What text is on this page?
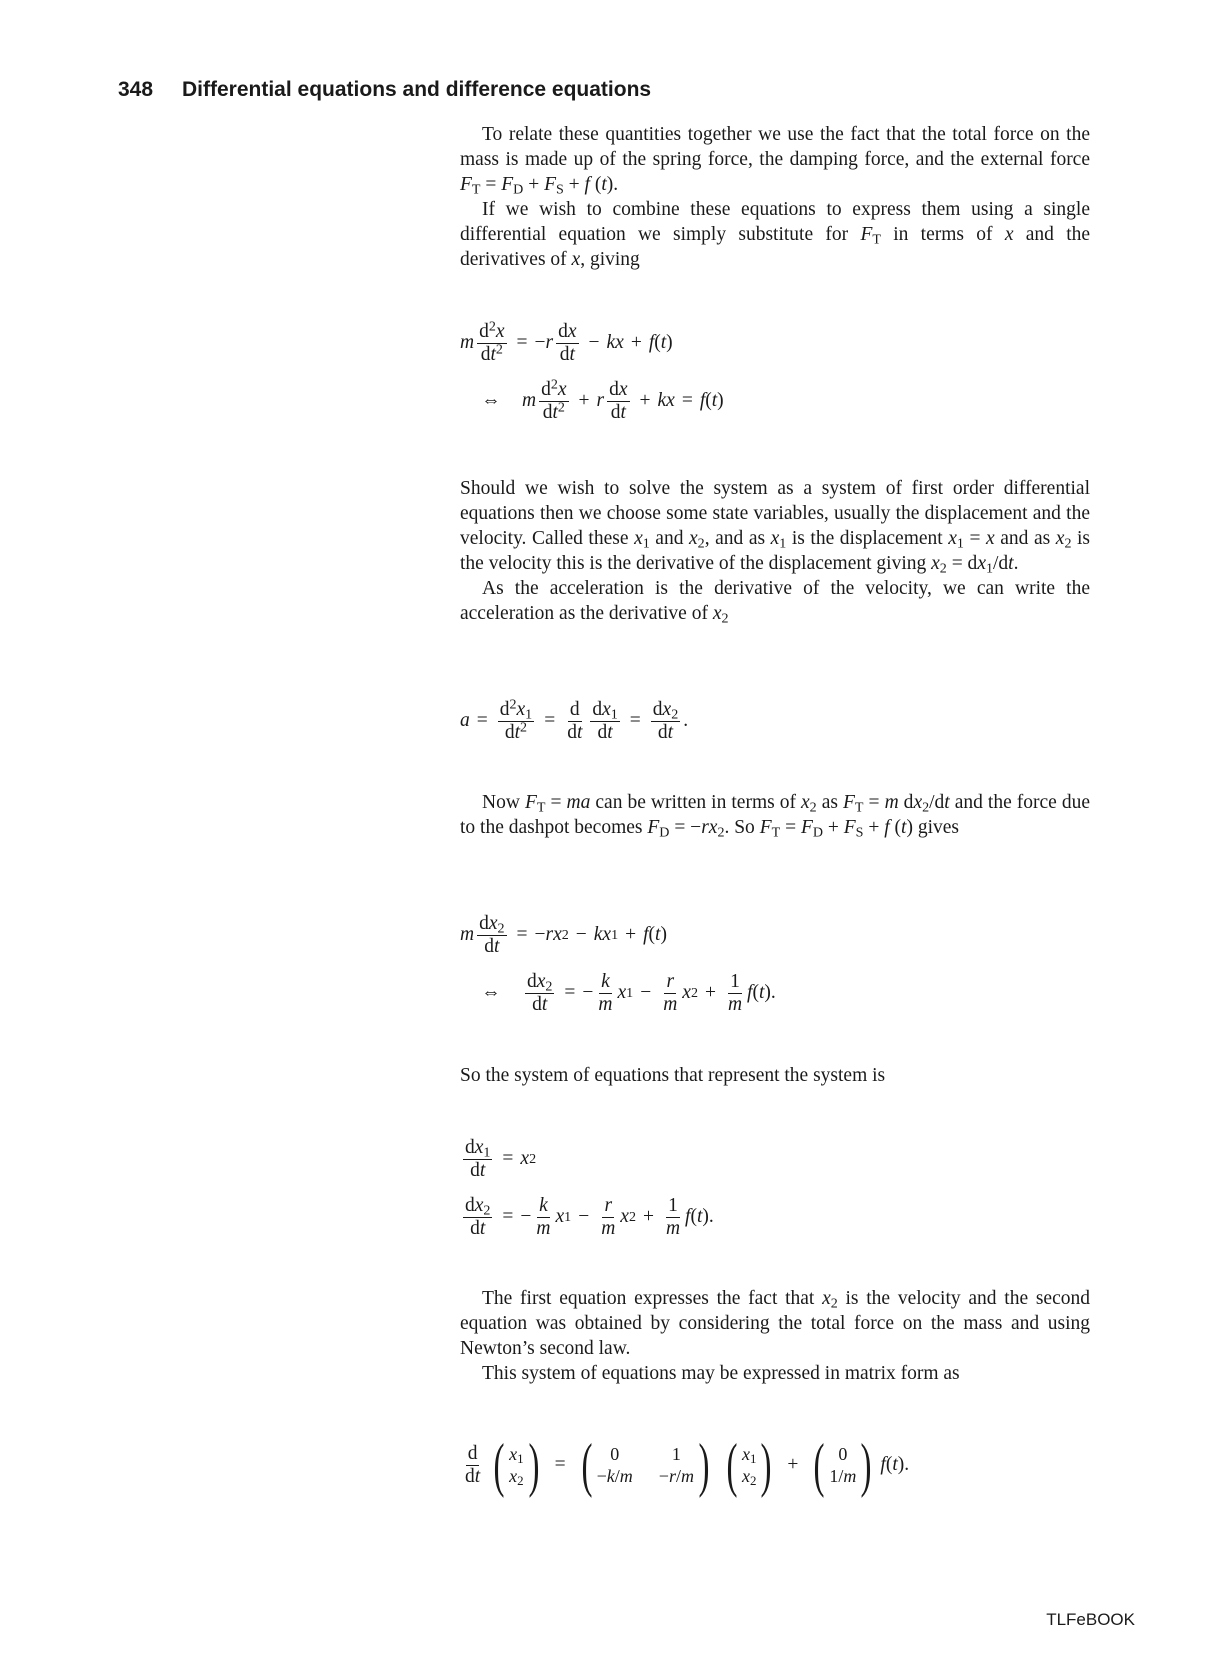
348 Differential equations and difference equations

To relate these quantities together we use the fact that the total force on the mass is made up of the spring force, the damping force, and the external force $F_T = F_D + F_S + f$ (t).

If we wish to combine these equations to express them using a single differential equation we simply substitute for $F_T$ in terms of x and the derivatives of x, giving

m $\frac{d^2x}{dt^2}$ = − r $\frac{dx}{dt}$ − kx + f ( t )
⇔	m $\frac{d^2x}{dt^2} + r \frac{dx}{dt}$ + kx = f ( t )

Should we wish to solve the system as a system of first order differential equations then we choose some state variables, usually the displacement and the velocity. Called these $x_1$ and $x_2$, and as $x_1$ is the displacement $x_1 = x$ and as $x_2$ is the velocity this is the derivative of the displacement giving $x_2 = dx_1/dt$.

As the acceleration is the derivative of the velocity, we can write the acceleration as the derivative of $x_2$

$a = \frac{d^2x_1}{dt^2} = \frac{d}{dt} \frac{dx_1}{dt} = \frac{dx_2}{dt}$ .

Now $F_T$ = ma can be written in terms of $x_2$ as $F_T = m$ $dx_2/dt$ and the force due to the dashpot becomes $F_D = -rx_2$. So $F_T = F_D + F_S + f$ (t) gives

m $\frac{dx_2}{dt}$ = − rx 2 − kx 1 + f ( t )
⇔	$\frac{dx_2}{dt}$ = − $\frac{k}{m}$ x $1 - \frac{r}{m}$ x $2 + \frac{1}{m}$ f ( t ).

So the system of equations that represent the system is

$\frac{dx_1}{dt} = x$ 2
$\frac{dx_2}{dt}$ = − $\frac{k}{m}$ x $1 - \frac{r}{m}$ x $2 + \frac{1}{m}$ f ( t ).

The first equation expresses the fact that $x_2$ is the velocity and the second equation was obtained by considering the total force on the mass and using Newton’s second law.

This system of equations may be expressed in matrix form as

$\frac{d}{dt}$ ( $x_1$
$x_2$ ) = (	0	1
−k/m −r/m ) ( $x_1$
$x_2$ ) + ( 0
1/m ) f ( t ).
TLFeBOOK
